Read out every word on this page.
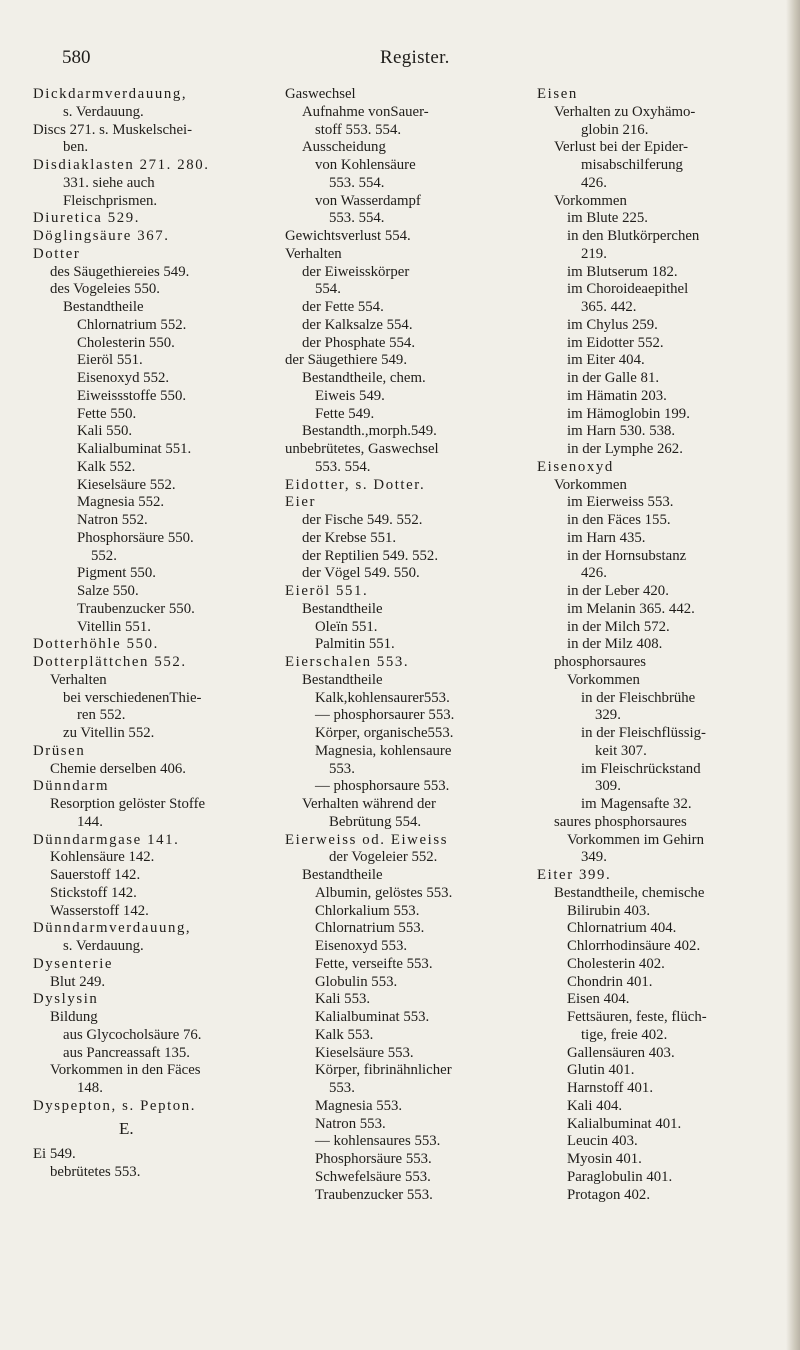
580	Register.
Dickdarmverdauung,
s. Verdauung.
Discs 271. s. Muskelschei-
ben.
Disdiaklasten 271. 280.
331. siehe auch
Fleischprismen.
Diuretica 529.
Döglingsäure 367.
Dotter
des Säugethiereies 549.
des Vogeleies 550.
Bestandtheile
Chlornatrium 552.
Cholesterin 550.
Eieröl 551.
Eisenoxyd 552.
Eiweissstoffe 550.
Fette 550.
Kali 550.
Kalialbuminat 551.
Kalk 552.
Kieselsäure 552.
Magnesia 552.
Natron 552.
Phosphorsäure 550.
552.
Pigment 550.
Salze 550.
Traubenzucker 550.
Vitellin 551.
Dotterhöhle 550.
Dotterplättchen 552.
Verhalten
bei verschiedenenThie-
ren 552.
zu Vitellin 552.
Drüsen
Chemie derselben 406.
Dünndarm
Resorption gelöster Stoffe
144.
Dünndarmgase 141.
Kohlensäure 142.
Sauerstoff 142.
Stickstoff 142.
Wasserstoff 142.
Dünndarmverdauung,
s. Verdauung.
Dysenterie
Blut 249.
Dyslysin
Bildung
aus Glycocholsäure 76.
aus Pancreassaft 135.
Vorkommen in den Fäces
148.
Dyspepton, s. Pepton.
E.
Ei 549.
bebrütetes 553.
Gaswechsel
Aufnahme vonSauer-
stoff 553. 554.
Ausscheidung
von Kohlensäure
553. 554.
von Wasserdampf
553. 554.
Gewichtsverlust 554.
Verhalten
der Eiweisskörper
554.
der Fette 554.
der Kalksalze 554.
der Phosphate 554.
der Säugethiere 549.
Bestandtheile, chem.
Eiweis 549.
Fette 549.
Bestandth.,morph.549.
unbebrütetes, Gaswechsel
553. 554.
Eidotter, s. Dotter.
Eier
der Fische 549. 552.
der Krebse 551.
der Reptilien 549. 552.
der Vögel 549. 550.
Eieröl 551.
Bestandtheile
Oleïn 551.
Palmitin 551.
Eierschalen 553.
Bestandtheile
Kalk,kohlensaurer553.
— phosphorsaurer 553.
Körper, organische553.
Magnesia, kohlensaure
553.
— phosphorsaure 553.
Verhalten während der
Bebrütung 554.
Eierweiss od. Eiweiss
der Vogeleier 552.
Bestandtheile
Albumin, gelöstes 553.
Chlorkalium 553.
Chlornatrium 553.
Eisenoxyd 553.
Fette, verseifte 553.
Globulin 553.
Kali 553.
Kalialbuminat 553.
Kalk 553.
Kieselsäure 553.
Körper, fibrinähnlicher
553.
Magnesia 553.
Natron 553.
— kohlensaures 553.
Phosphorsäure 553.
Schwefelsäure 553.
Traubenzucker 553.
Eisen
Verhalten zu Oxyhämo-
globin 216.
Verlust bei der Epider-
misabschilferung
426.
Vorkommen
im Blute 225.
in den Blutkörperchen
219.
im Blutserum 182.
im Choroideaepithel
365. 442.
im Chylus 259.
im Eidotter 552.
im Eiter 404.
in der Galle 81.
im Hämatin 203.
im Hämoglobin 199.
im Harn 530. 538.
in der Lymphe 262.
Eisenoxyd
Vorkommen
im Eierweiss 553.
in den Fäces 155.
im Harn 435.
in der Hornsubstanz
426.
in der Leber 420.
im Melanin 365. 442.
in der Milch 572.
in der Milz 408.
phosphorsaures
Vorkommen
in der Fleischbrühe
329.
in der Fleischflüssig-
keit 307.
im Fleischrückstand
309.
im Magensafte 32.
saures phosphorsaures
Vorkommen im Gehirn
349.
Eiter 399.
Bestandtheile, chemische
Bilirubin 403.
Chlornatrium 404.
Chlorrhodinsäure 402.
Cholesterin 402.
Chondrin 401.
Eisen 404.
Fettsäuren, feste, flüch-
tige, freie 402.
Gallensäuren 403.
Glutin 401.
Harnstoff 401.
Kali 404.
Kalialbuminat 401.
Leucin 403.
Myosin 401.
Paraglobulin 401.
Protagon 402.
